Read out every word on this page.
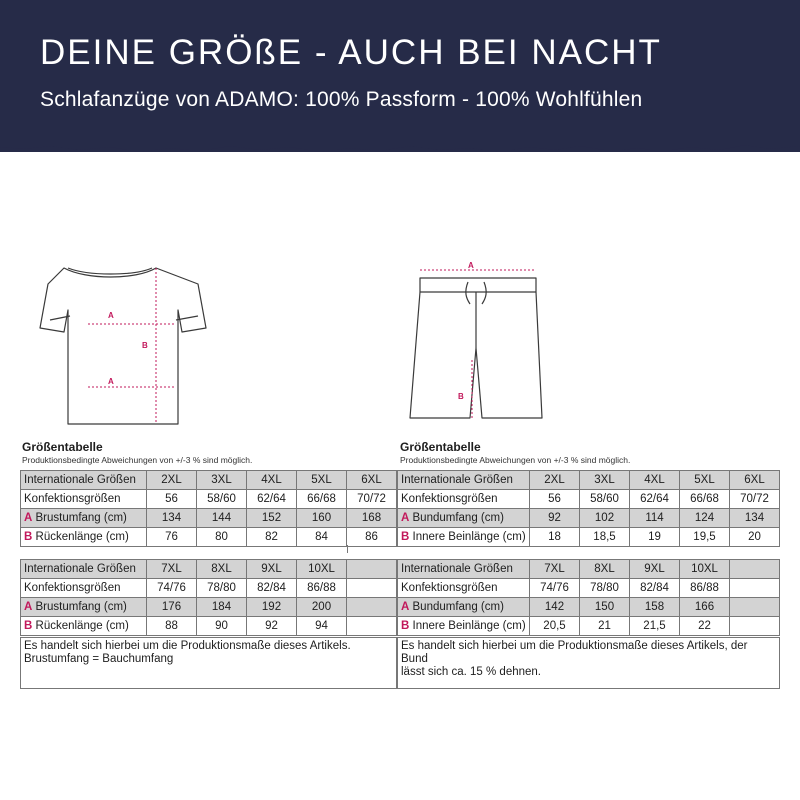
DEINE GRÖßE - AUCH BEI NACHT
Schlafanzüge von ADAMO: 100% Passform - 100% Wohlfühlen
A
B
A
A
B
Größentabelle
Produktionsbedingte Abweichungen von +/-3 % sind möglich.
Internationale Größen	2XL	3XL	4XL	5XL	6XL
Konfektionsgrößen	56	58/60	62/64	66/68	70/72
A Brustumfang (cm)	134	144	152	160	168
B Rückenlänge (cm)	76	80	82	84	86
Internationale Größen	7XL	8XL	9XL	10XL	
Konfektionsgrößen	74/76	78/80	82/84	86/88	
A Brustumfang (cm)	176	184	192	200	
B Rückenlänge (cm)	88	90	92	94	
Es handelt sich hierbei um die Produktionsmaße dieses Artikels.
Brustumfang = Bauchumfang
Größentabelle
Produktionsbedingte Abweichungen von +/-3 % sind möglich.
Internationale Größen	2XL	3XL	4XL	5XL	6XL
Konfektionsgrößen	56	58/60	62/64	66/68	70/72
A Bundumfang (cm)	92	102	114	124	134
B Innere Beinlänge (cm)	18	18,5	19	19,5	20
Internationale Größen	7XL	8XL	9XL	10XL	
Konfektionsgrößen	74/76	78/80	82/84	86/88	
A Bundumfang (cm)	142	150	158	166	
B Innere Beinlänge (cm)	20,5	21	21,5	22	
Es handelt sich hierbei um die Produktionsmaße dieses Artikels, der Bund
lässt sich ca. 15 % dehnen.
